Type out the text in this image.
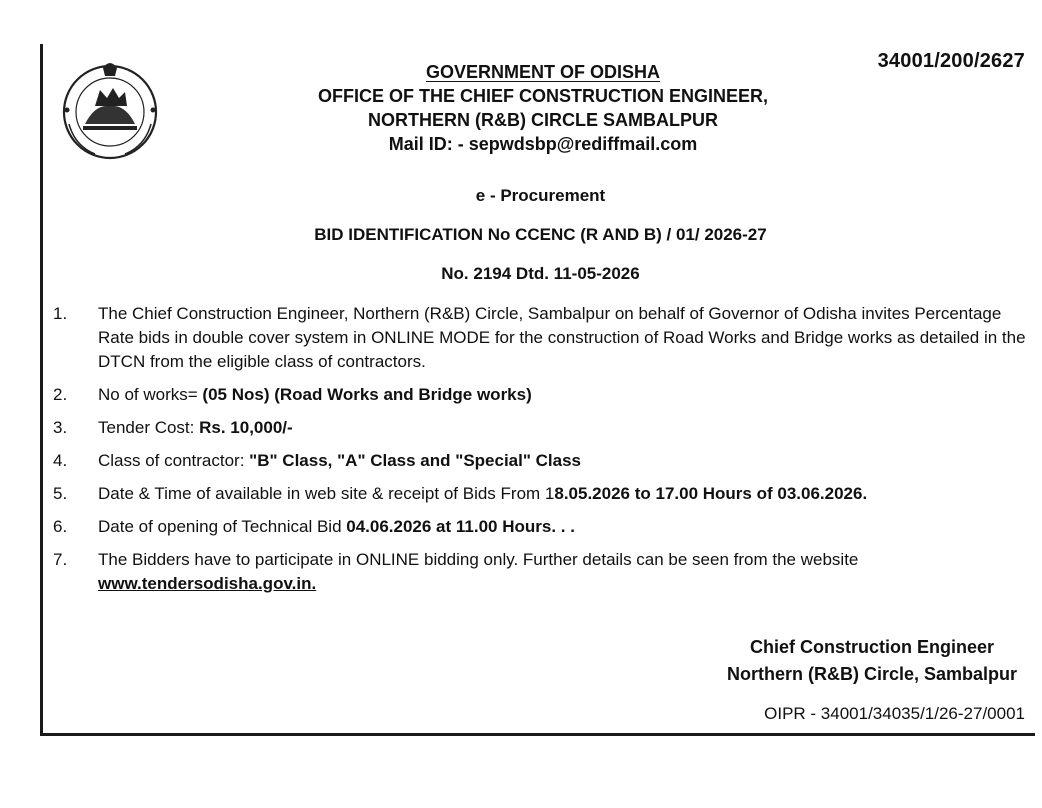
34001/200/2627
GOVERNMENT OF ODISHA
OFFICE OF THE CHIEF CONSTRUCTION ENGINEER,
NORTHERN (R&B) CIRCLE SAMBALPUR
Mail ID: - sepwdsbp@rediffmail.com
e - Procurement
BID IDENTIFICATION No CCENC (R AND B) / 01/ 2026-27
No. 2194 Dtd. 11-05-2026
1. The Chief Construction Engineer, Northern (R&B) Circle, Sambalpur on behalf of Governor of Odisha invites Percentage Rate bids in double cover system in ONLINE MODE for the construction of Road Works and Bridge works as detailed in the DTCN from the eligible class of contractors.
2. No of works= (05 Nos) (Road Works and Bridge works)
3. Tender Cost: Rs. 10,000/-
4. Class of contractor: "B" Class, "A" Class and "Special" Class
5. Date & Time of available in web site & receipt of Bids From 18.05.2026 to 17.00 Hours of 03.06.2026.
6. Date of opening of Technical Bid 04.06.2026 at 11.00 Hours. . .
7. The Bidders have to participate in ONLINE bidding only. Further details can be seen from the website
www.tendersodisha.gov.in.
Chief Construction Engineer
Northern (R&B) Circle, Sambalpur
OIPR - 34001/34035/1/26-27/0001
